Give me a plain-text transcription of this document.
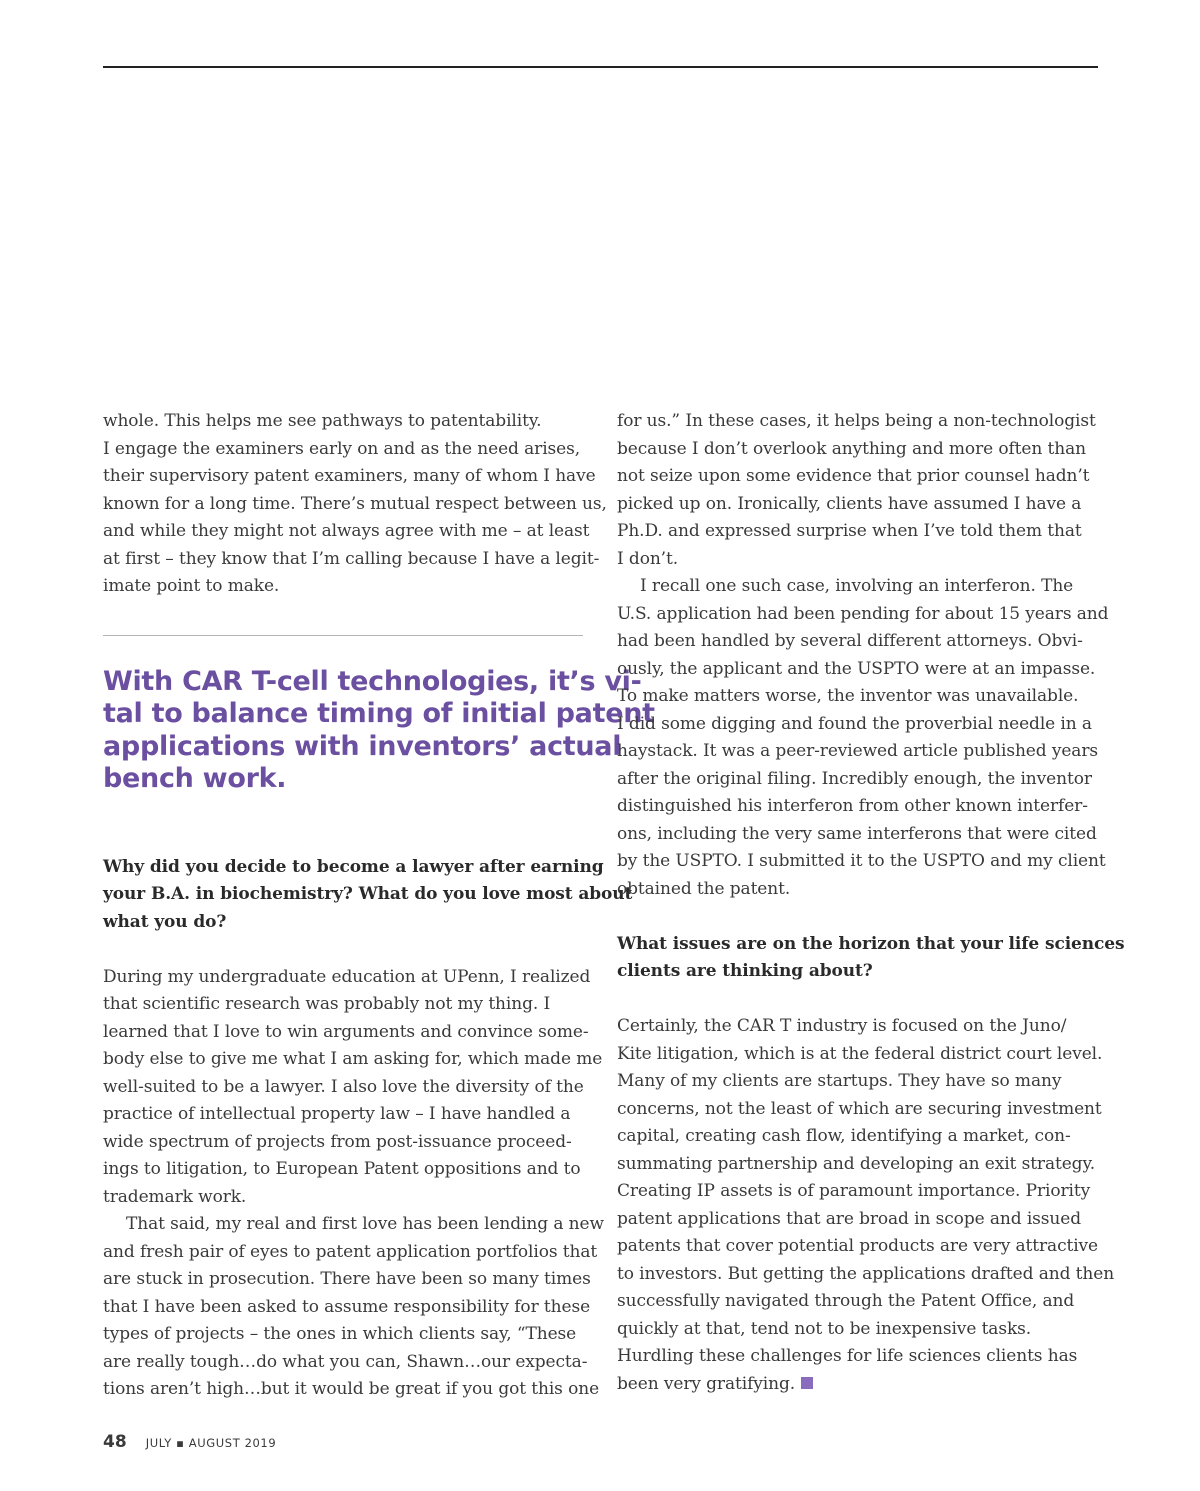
whole. This helps me see pathways to patentability.
I engage the examiners early on and as the need arises,
their supervisory patent examiners, many of whom I have
known for a long time. There’s mutual respect between us,
and while they might not always agree with me – at least
at first – they know that I’m calling because I have a legit-
imate point to make.
With CAR T-cell technologies, it’s vi-
tal to balance timing of initial patent
applications with inventors’ actual
bench work.
Why did you decide to become a lawyer after earning
your B.A. in biochemistry? What do you love most about
what you do?
During my undergraduate education at UPenn, I realized
that scientific research was probably not my thing. I
learned that I love to win arguments and convince some-
body else to give me what I am asking for, which made me
well-suited to be a lawyer. I also love the diversity of the
practice of intellectual property law – I have handled a
wide spectrum of projects from post-issuance proceed-
ings to litigation, to European Patent oppositions and to
trademark work.
That said, my real and first love has been lending a new
and fresh pair of eyes to patent application portfolios that
are stuck in prosecution. There have been so many times
that I have been asked to assume responsibility for these
types of projects – the ones in which clients say, “These
are really tough…do what you can, Shawn…our expecta-
tions aren’t high…but it would be great if you got this one
for us.” In these cases, it helps being a non-technologist
because I don’t overlook anything and more often than
not seize upon some evidence that prior counsel hadn’t
picked up on. Ironically, clients have assumed I have a
Ph.D. and expressed surprise when I’ve told them that
I don’t.
I recall one such case, involving an interferon. The
U.S. application had been pending for about 15 years and
had been handled by several different attorneys. Obvi-
ously, the applicant and the USPTO were at an impasse.
To make matters worse, the inventor was unavailable.
I did some digging and found the proverbial needle in a
haystack. It was a peer-reviewed article published years
after the original filing. Incredibly enough, the inventor
distinguished his interferon from other known interfer-
ons, including the very same interferons that were cited
by the USPTO. I submitted it to the USPTO and my client
obtained the patent.
What issues are on the horizon that your life sciences
clients are thinking about?
Certainly, the CAR T industry is focused on the Juno/
Kite litigation, which is at the federal district court level.
Many of my clients are startups. They have so many
concerns, not the least of which are securing investment
capital, creating cash flow, identifying a market, con-
summating partnership and developing an exit strategy.
Creating IP assets is of paramount importance. Priority
patent applications that are broad in scope and issued
patents that cover potential products are very attractive
to investors. But getting the applications drafted and then
successfully navigated through the Patent Office, and
quickly at that, tend not to be inexpensive tasks.
Hurdling these challenges for life sciences clients has
been very gratifying.
48 JULY ▪ AUGUST 2019
